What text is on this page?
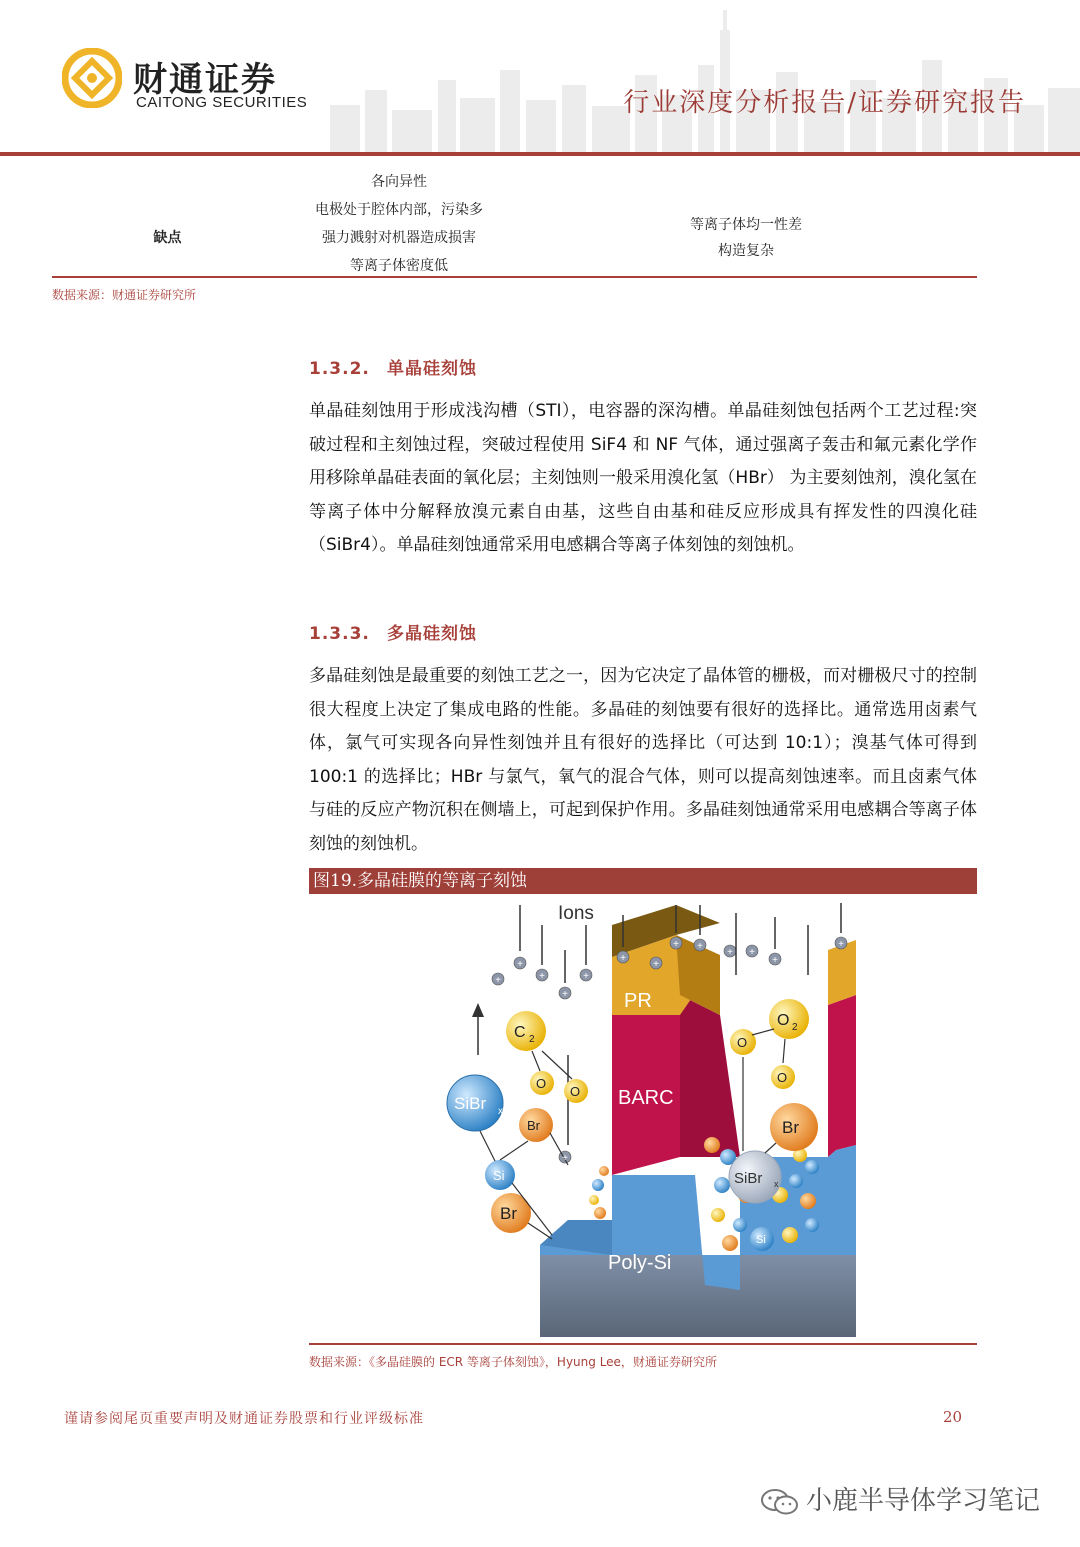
财通证券
CAITONG SECURITIES	行业深度分析报告/证券研究报告
缺点
各向异性
电极处于腔体内部，污染多
强力溅射对机器造成损害
等离子体密度低
等离子体均一性差
构造复杂
数据来源：财通证券研究所
1.3.2. 单晶硅刻蚀
单晶硅刻蚀用于形成浅沟槽（STI），电容器的深沟槽。单晶硅刻蚀包括两个工艺过程:突破过程和主刻蚀过程，突破过程使用 SiF4 和 NF 气体，通过强离子轰击和氟元素化学作用移除单晶硅表面的氧化层；主刻蚀则一般采用溴化氢（HBr） 为主要刻蚀剂，溴化氢在等离子体中分解释放溴元素自由基，这些自由基和硅反应形成具有挥发性的四溴化硅（SiBr4）。单晶硅刻蚀通常采用电感耦合等离子体刻蚀的刻蚀机。
1.3.3. 多晶硅刻蚀
多晶硅刻蚀是最重要的刻蚀工艺之一，因为它决定了晶体管的栅极，而对栅极尺寸的控制很大程度上决定了集成电路的性能。多晶硅的刻蚀要有很好的选择比。通常选用卤素气体，氯气可实现各向异性刻蚀并且有很好的选择比（可达到 10:1）；溴基气体可得到 100:1 的选择比；HBr 与氯气，氧气的混合气体，则可以提高刻蚀速率。而且卤素气体与硅的反应产物沉积在侧墙上，可起到保护作用。多晶硅刻蚀通常采用电感耦合等离子体刻蚀的刻蚀机。
图19.多晶硅膜的等离子刻蚀
Ions
SiBr x
Br
Si
Br
C 2
O
O
O 2
O
O
Br
SiBr x
Si
PR
BARC
Poly-Si
+
+
+
+
+
+
+
+ +
+ +
+
+
+
数据来源：《多晶硅膜的 ECR 等离子体刻蚀》，Hyung Lee，财通证券研究所
谨请参阅尾页重要声明及财通证券股票和行业评级标准	20
小鹿半导体学习笔记
